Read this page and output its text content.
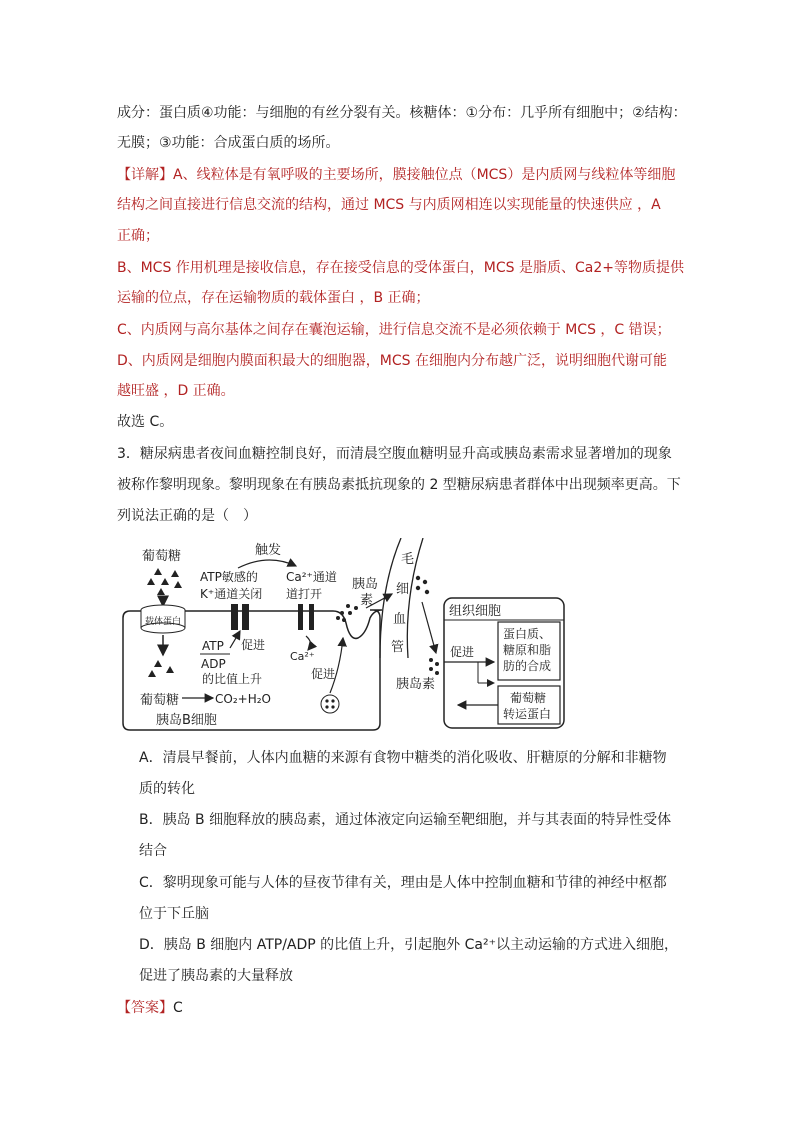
成分：蛋白质④功能：与细胞的有丝分裂有关。核糖体：①分布：几乎所有细胞中；②结构：
无膜；③功能：合成蛋白质的场所。
【详解】A、线粒体是有氧呼吸的主要场所，膜接触位点（MCS）是内质网与线粒体等细胞
结构之间直接进行信息交流的结构，通过 MCS 与内质网相连以实现能量的快速供应 ，A
正确；
B、MCS 作用机理是接收信息，存在接受信息的受体蛋白，MCS 是脂质、Ca2+等物质提供
运输的位点，存在运输物质的载体蛋白 ，B 正确；
C、内质网与高尔基体之间存在囊泡运输，进行信息交流不是必须依赖于 MCS ，C 错误；
D、内质网是细胞内膜面积最大的细胞器，MCS 在细胞内分布越广泛，说明细胞代谢可能
越旺盛 ，D 正确。
故选 C。
3．糖尿病患者夜间血糖控制良好，而清晨空腹血糖明显升高或胰岛素需求显著增加的现象
被称作黎明现象。黎明现象在有胰岛素抵抗现象的 2 型糖尿病患者群体中出现频率更高。下
列说法正确的是（　）
葡萄糖
载体蛋白
葡萄糖
胰岛B细胞
ATP敏感的
K⁺通道关闭
触发
Ca²⁺通道
道打开
ATP
ADP
的比值上升
CO₂+H₂O
促进
Ca²⁺
促进
胰岛
素
毛
细
血
管
胰岛素
组织细胞
促进
蛋白质、
糖原和脂
肪的合成
葡萄糖
转运蛋白
A．清晨早餐前，人体内血糖的来源有食物中糖类的消化吸收、肝糖原的分解和非糖物
质的转化
B．胰岛 B 细胞释放的胰岛素，通过体液定向运输至靶细胞，并与其表面的特异性受体
结合
C．黎明现象可能与人体的昼夜节律有关，理由是人体中控制血糖和节律的神经中枢都
位于下丘脑
D．胰岛 B 细胞内 ATP/ADP 的比值上升，引起胞外 Ca²⁺以主动运输的方式进入细胞，
促进了胰岛素的大量释放
【答案】C
